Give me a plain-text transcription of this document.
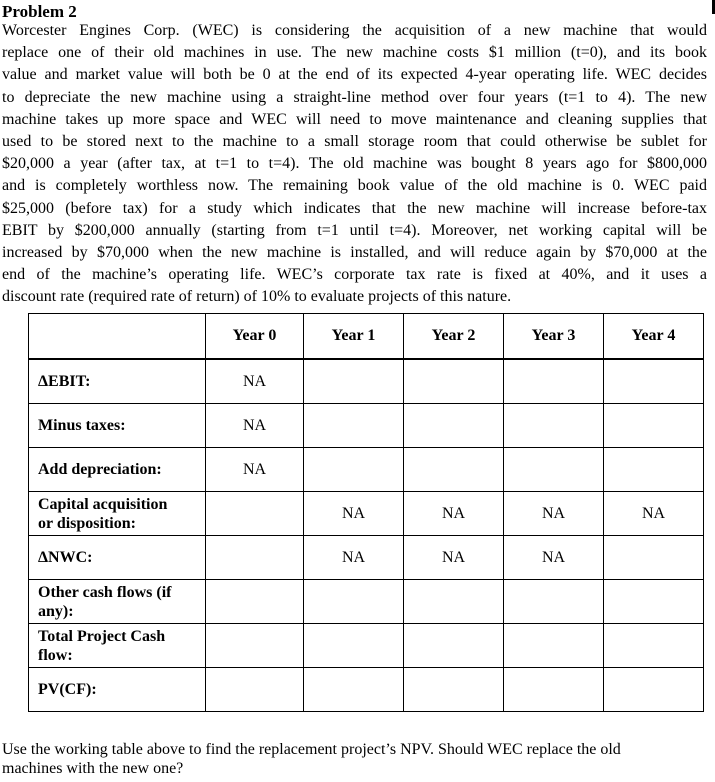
Problem 2
Worcester Engines Corp. (WEC) is considering the acquisition of a new machine that would
replace one of their old machines in use. The new machine costs $1 million (t=0), and its book
value and market value will both be 0 at the end of its expected 4-year operating life. WEC decides
to depreciate the new machine using a straight-line method over four years (t=1 to 4). The new
machine takes up more space and WEC will need to move maintenance and cleaning supplies that
used to be stored next to the machine to a small storage room that could otherwise be sublet for
$20,000 a year (after tax, at t=1 to t=4). The old machine was bought 8 years ago for $800,000
and is completely worthless now. The remaining book value of the old machine is 0. WEC paid
$25,000 (before tax) for a study which indicates that the new machine will increase before-tax
EBIT by $200,000 annually (starting from t=1 until t=4). Moreover, net working capital will be
increased by $70,000 when the new machine is installed, and will reduce again by $70,000 at the
end of the machine’s operating life. WEC’s corporate tax rate is fixed at 40%, and it uses a
discount rate (required rate of return) of 10% to evaluate projects of this nature.
	Year 0	Year 1	Year 2	Year 3	Year 4
ΔEBIT:	NA				
Minus taxes:	NA				
Add depreciation:	NA				
Capital acquisition
or disposition:		NA	NA	NA	NA
ΔNWC:		NA	NA	NA	
Other cash flows (if
any):					
Total Project Cash
flow:					
PV(CF):					
Use the working table above to find the replacement project’s NPV. Should WEC replace the old
machines with the new one?
